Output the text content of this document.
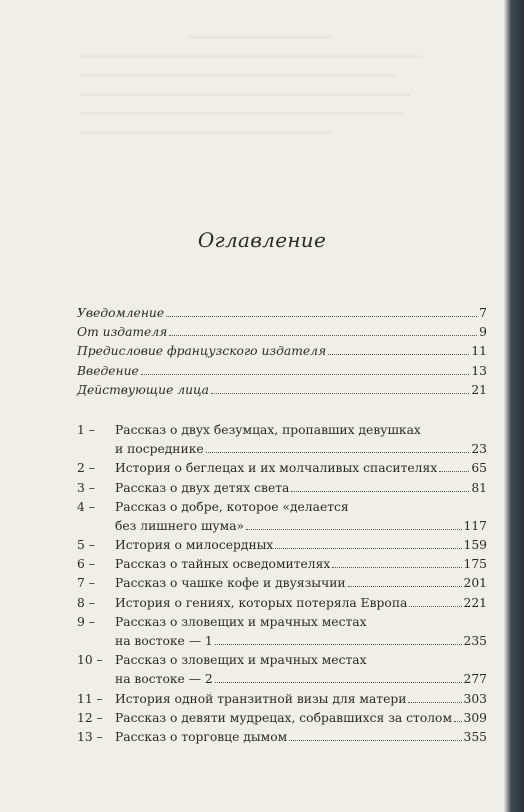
Оглавление
Уведомление	7
От издателя	9
Предисловие французского издателя	11
Введение	13
Действующие лица	21
1 –	Рассказ о двух безумцах, пропавших девушках
и посреднике	23
2 –	История о беглецах и их молчаливых спасителях	65
3 –	Рассказ о двух детях света	81
4 –	Рассказ о добре, которое «делается
без лишнего шума»	117
5 –	История о милосердных	159
6 –	Рассказ о тайных осведомителях	175
7 –	Рассказ о чашке кофе и двуязычии	201
8 –	История о гениях, которых потеряла Европа	221
9 –	Рассказ о зловещих и мрачных местах
на востоке — 1	235
10 – Рассказ о зловещих и мрачных местах
на востоке — 2	277
11 – История одной транзитной визы для матери	303
12 – Рассказ о девяти мудрецах, собравшихся за столом 309
13 – Рассказ о торговце дымом	355
